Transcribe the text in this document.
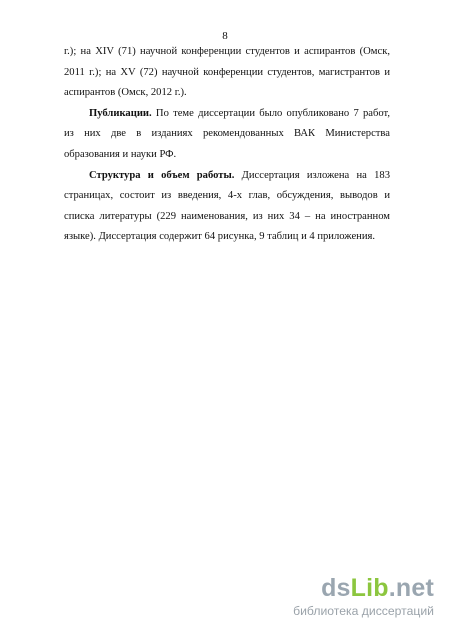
8

г.); на XIV (71) научной конференции студентов и аспирантов (Омск, 2011 г.); на XV (72) научной конференции студентов, магистрантов и аспирантов (Омск, 2012 г.).

Публикации. По теме диссертации было опубликовано 7 работ, из них две в изданиях рекомендованных ВАК Министерства образования и науки РФ.

Структура и объем работы. Диссертация изложена на 183 страницах, состоит из введения, 4-х глав, обсуждения, выводов и списка литературы (229 наименования, из них 34 – на иностранном языке). Диссертация содержит 64 рисунка, 9 таблиц и 4 приложения.

dsLib.net
библиотека диссертаций
